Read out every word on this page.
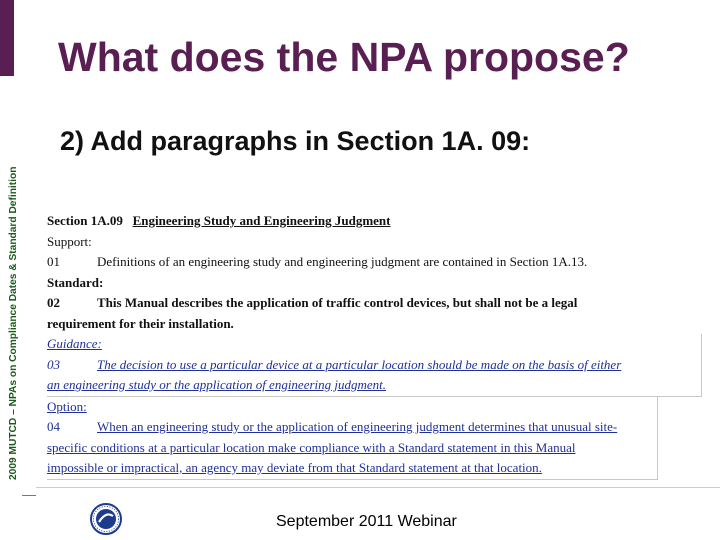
2009 MUTCD – NPAs on Compliance Dates & Standard Definition
What does the NPA propose?
2) Add paragraphs in Section 1A. 09:
Section 1A.09 Engineering Study and Engineering Judgment
Support:
01	Definitions of an engineering study and engineering judgment are contained in Section 1A.13.
Standard:
02	This Manual describes the application of traffic control devices, but shall not be a legal
requirement for their installation.
Guidance:
03	The decision to use a particular device at a particular location should be made on the basis of either
an engineering study or the application of engineering judgment.
Option:
04	When an engineering study or the application of engineering judgment determines that unusual site-
specific conditions at a particular location make compliance with a Standard statement in this Manual
impossible or impractical, an agency may deviate from that Standard statement at that location.
September 2011 Webinar
